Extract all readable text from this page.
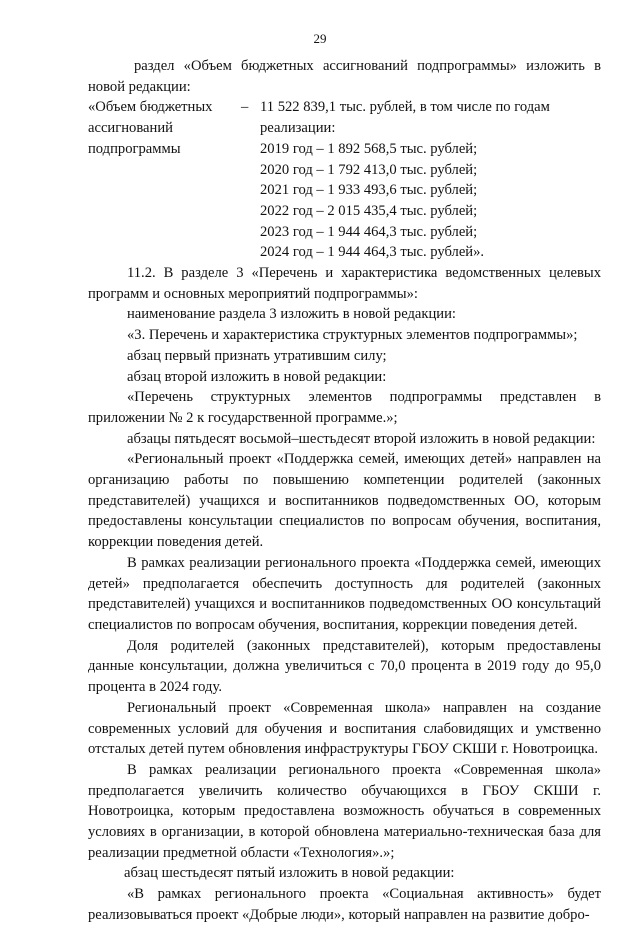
29

раздел «Объем бюджетных ассигнований подпрограммы» изложить в новой редакции:

«Объем бюджетных
ассигнований
подпрограммы
– 11 522 839,1 тыс. рублей, в том числе по годам
реализации:
2019 год – 1 892 568,5 тыс. рублей;
2020 год – 1 792 413,0 тыс. рублей;
2021 год – 1 933 493,6 тыс. рублей;
2022 год – 2 015 435,4 тыс. рублей;
2023 год – 1 944 464,3 тыс. рублей;
2024 год – 1 944 464,3 тыс. рублей».

11.2. В разделе 3 «Перечень и характеристика ведомственных целевых программ и основных мероприятий подпрограммы»:

наименование раздела 3 изложить в новой редакции:

«3. Перечень и характеристика структурных элементов подпрограммы»;

абзац первый признать утратившим силу;

абзац второй изложить в новой редакции:

«Перечень структурных элементов подпрограммы представлен в приложении № 2 к государственной программе.»;

абзацы пятьдесят восьмой–шестьдесят второй изложить в новой редакции:

«Региональный проект «Поддержка семей, имеющих детей» направлен на организацию работы по повышению компетенции родителей (законных представителей) учащихся и воспитанников подведомственных ОО, которым предоставлены консультации специалистов по вопросам обучения, воспитания, коррекции поведения детей.

В рамках реализации регионального проекта «Поддержка семей, имеющих детей» предполагается обеспечить доступность для родителей (законных представителей) учащихся и воспитанников подведомственных ОО консультаций специалистов по вопросам обучения, воспитания, коррекции поведения детей.

Доля родителей (законных представителей), которым предоставлены данные консультации, должна увеличиться с 70,0 процента в 2019 году до 95,0 процента в 2024 году.

Региональный проект «Современная школа» направлен на создание современных условий для обучения и воспитания слабовидящих и умственно отсталых детей путем обновления инфраструктуры ГБОУ СКШИ г. Новотроицка.

В рамках реализации регионального проекта «Современная школа» предполагается увеличить количество обучающихся в ГБОУ СКШИ г. Новотроицка, которым предоставлена возможность обучаться в современных условиях в организации, в которой обновлена материально-техническая база для реализации предметной области «Технология».»;

абзац шестьдесят пятый изложить в новой редакции:

«В рамках регионального проекта «Социальная активность» будет реализовываться проект «Добрые люди», который направлен на развитие добро-
